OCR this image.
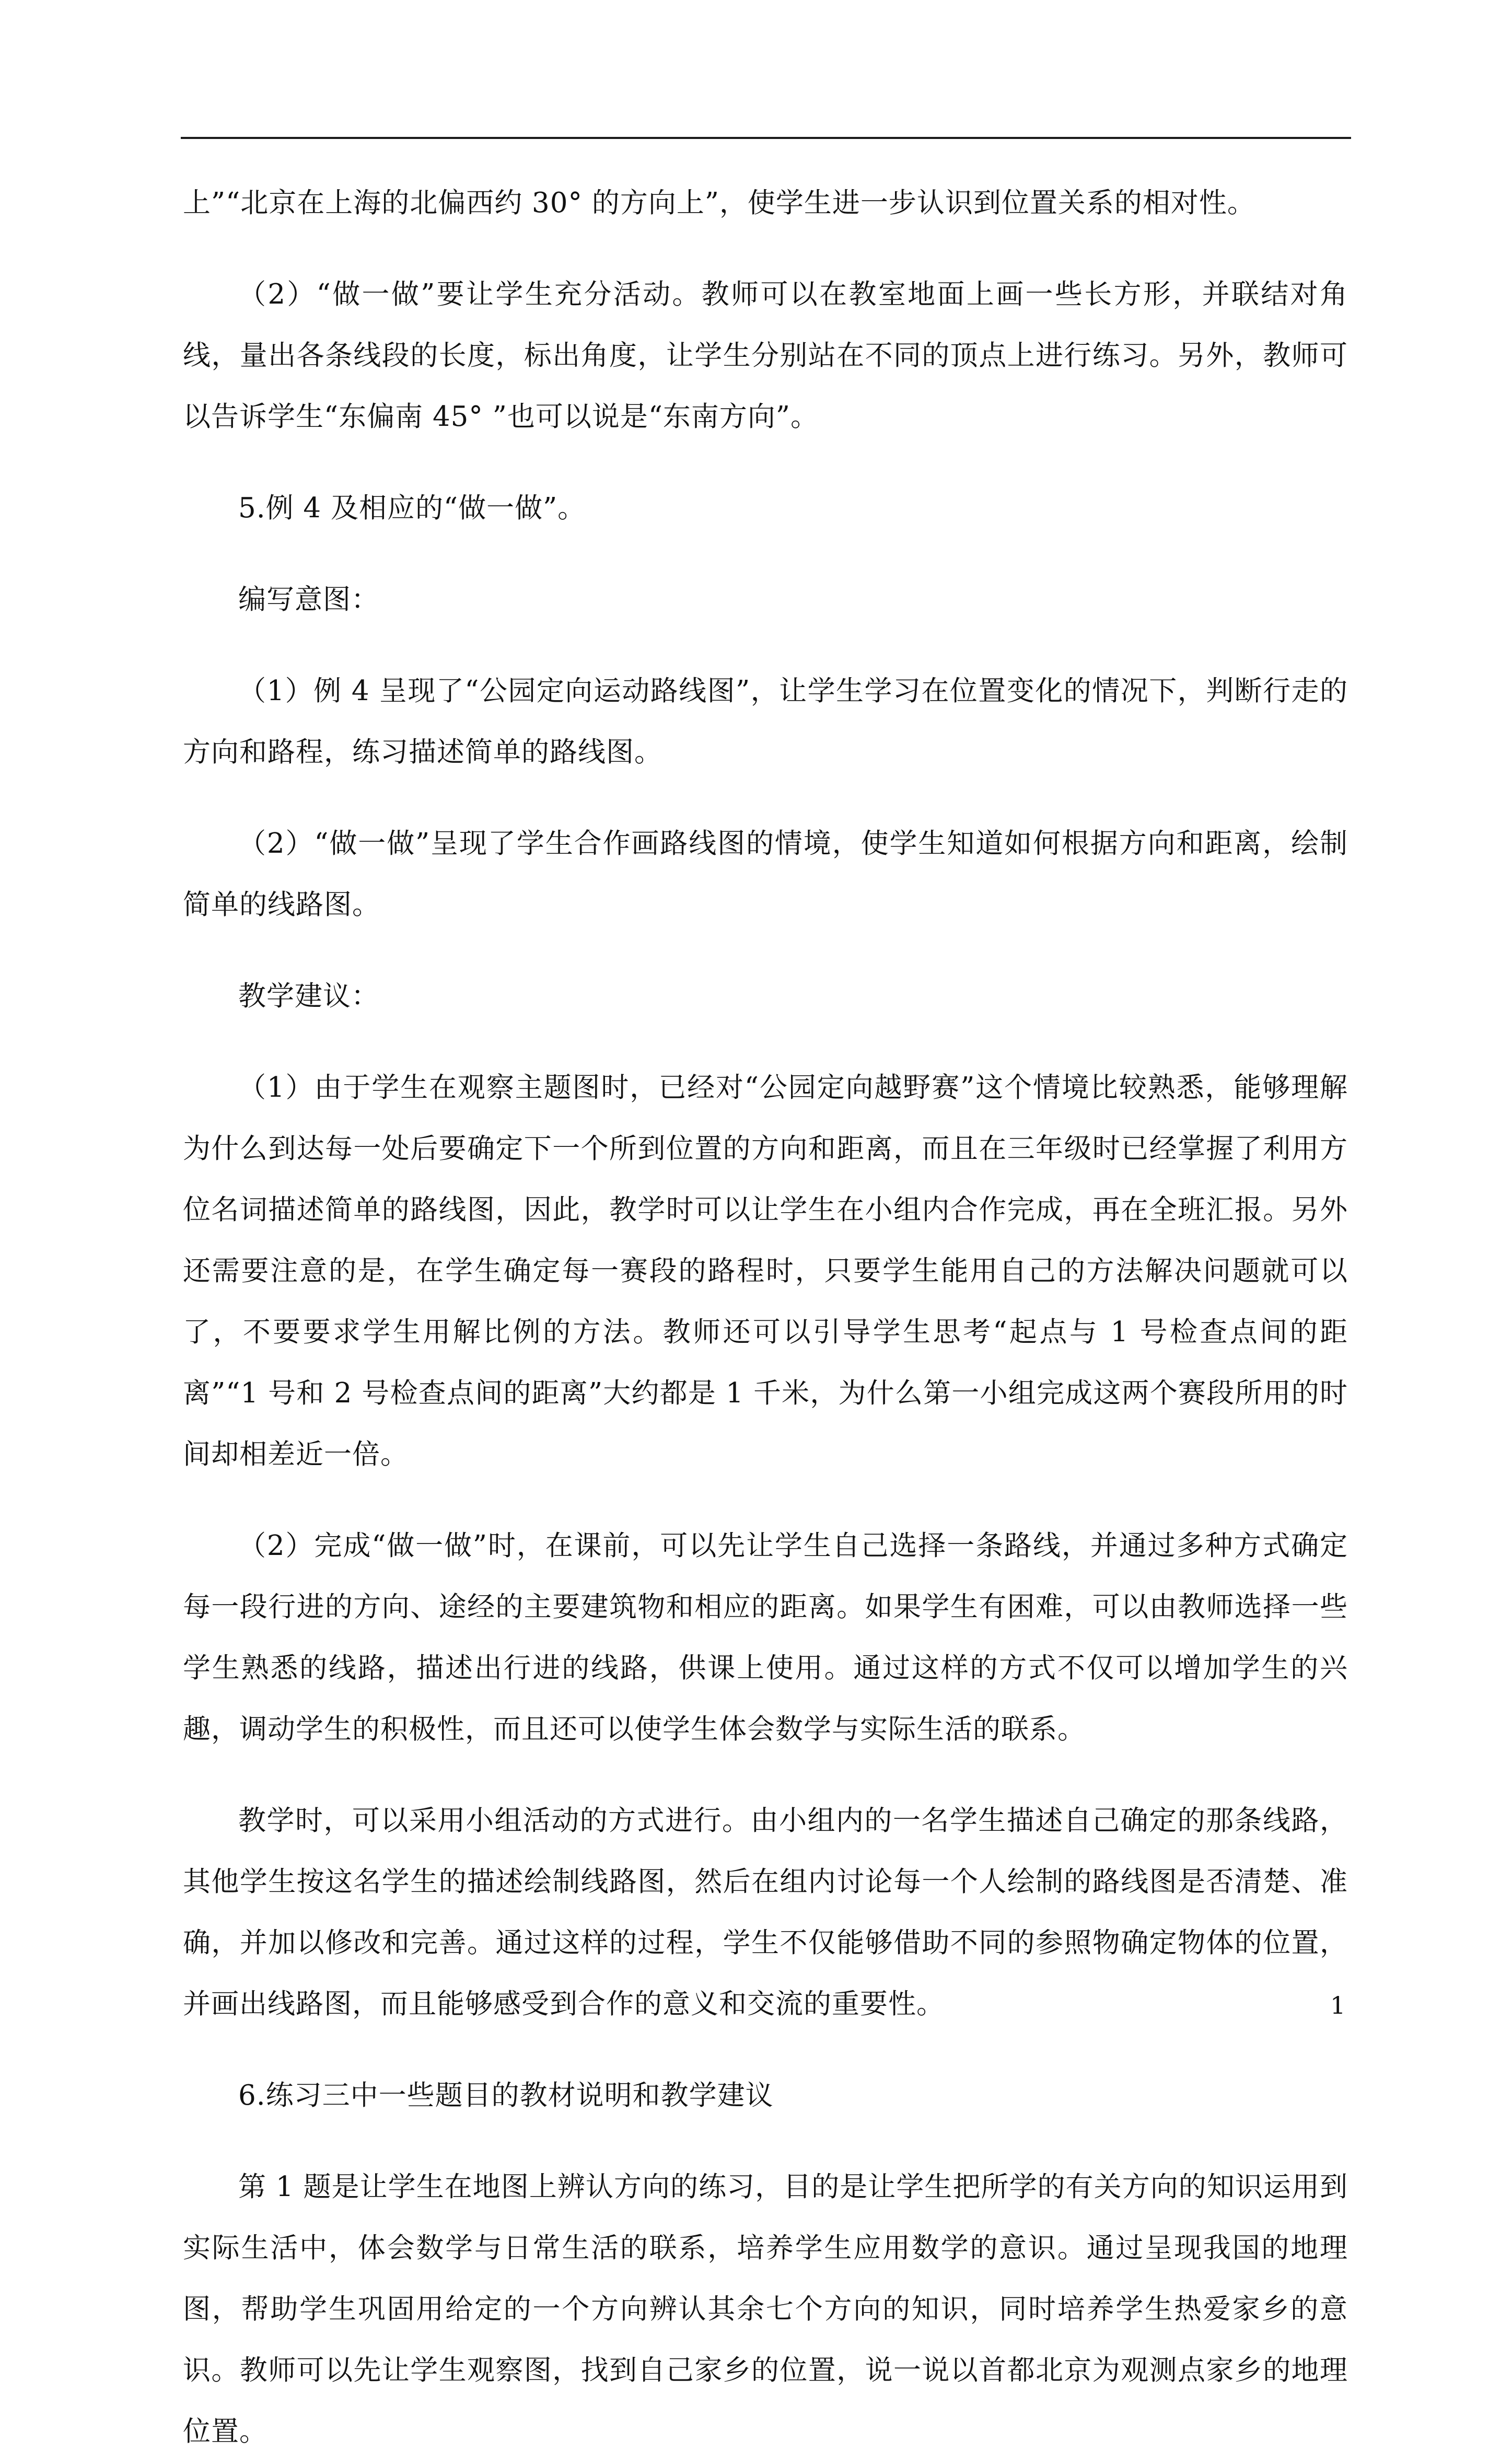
上”“北京在上海的北偏西约 30° 的方向上”，使学生进一步认识到位置关系的相对性。

（2）“做一做”要让学生充分活动。教师可以在教室地面上画一些长方形，并联结对角线，量出各条线段的长度，标出角度，让学生分别站在不同的顶点上进行练习。另外，教师可以告诉学生“东偏南 45° ”也可以说是“东南方向”。

5.例 4 及相应的“做一做”。

编写意图：

（1）例 4 呈现了“公园定向运动路线图”，让学生学习在位置变化的情况下，判断行走的方向和路程，练习描述简单的路线图。

（2）“做一做”呈现了学生合作画路线图的情境，使学生知道如何根据方向和距离，绘制简单的线路图。

教学建议：

（1）由于学生在观察主题图时，已经对“公园定向越野赛”这个情境比较熟悉，能够理解为什么到达每一处后要确定下一个所到位置的方向和距离，而且在三年级时已经掌握了利用方位名词描述简单的路线图，因此，教学时可以让学生在小组内合作完成，再在全班汇报。另外还需要注意的是，在学生确定每一赛段的路程时，只要学生能用自己的方法解决问题就可以了，不要要求学生用解比例的方法。教师还可以引导学生思考“起点与 1 号检查点间的距离”“1 号和 2 号检查点间的距离”大约都是 1 千米，为什么第一小组完成这两个赛段所用的时间却相差近一倍。

（2）完成“做一做”时，在课前，可以先让学生自己选择一条路线，并通过多种方式确定每一段行进的方向、途经的主要建筑物和相应的距离。如果学生有困难，可以由教师选择一些学生熟悉的线路，描述出行进的线路，供课上使用。通过这样的方式不仅可以增加学生的兴趣，调动学生的积极性，而且还可以使学生体会数学与实际生活的联系。

教学时，可以采用小组活动的方式进行。由小组内的一名学生描述自己确定的那条线路，其他学生按这名学生的描述绘制线路图，然后在组内讨论每一个人绘制的路线图是否清楚、准确，并加以修改和完善。通过这样的过程，学生不仅能够借助不同的参照物确定物体的位置，并画出线路图，而且能够感受到合作的意义和交流的重要性。

6.练习三中一些题目的教材说明和教学建议

第 1 题是让学生在地图上辨认方向的练习，目的是让学生把所学的有关方向的知识运用到实际生活中，体会数学与日常生活的联系，培养学生应用数学的意识。通过呈现我国的地理图，帮助学生巩固用给定的一个方向辨认其余七个方向的知识，同时培养学生热爱家乡的意识。教师可以先让学生观察图，找到自己家乡的位置，说一说以首都北京为观测点家乡的地理位置。

1
